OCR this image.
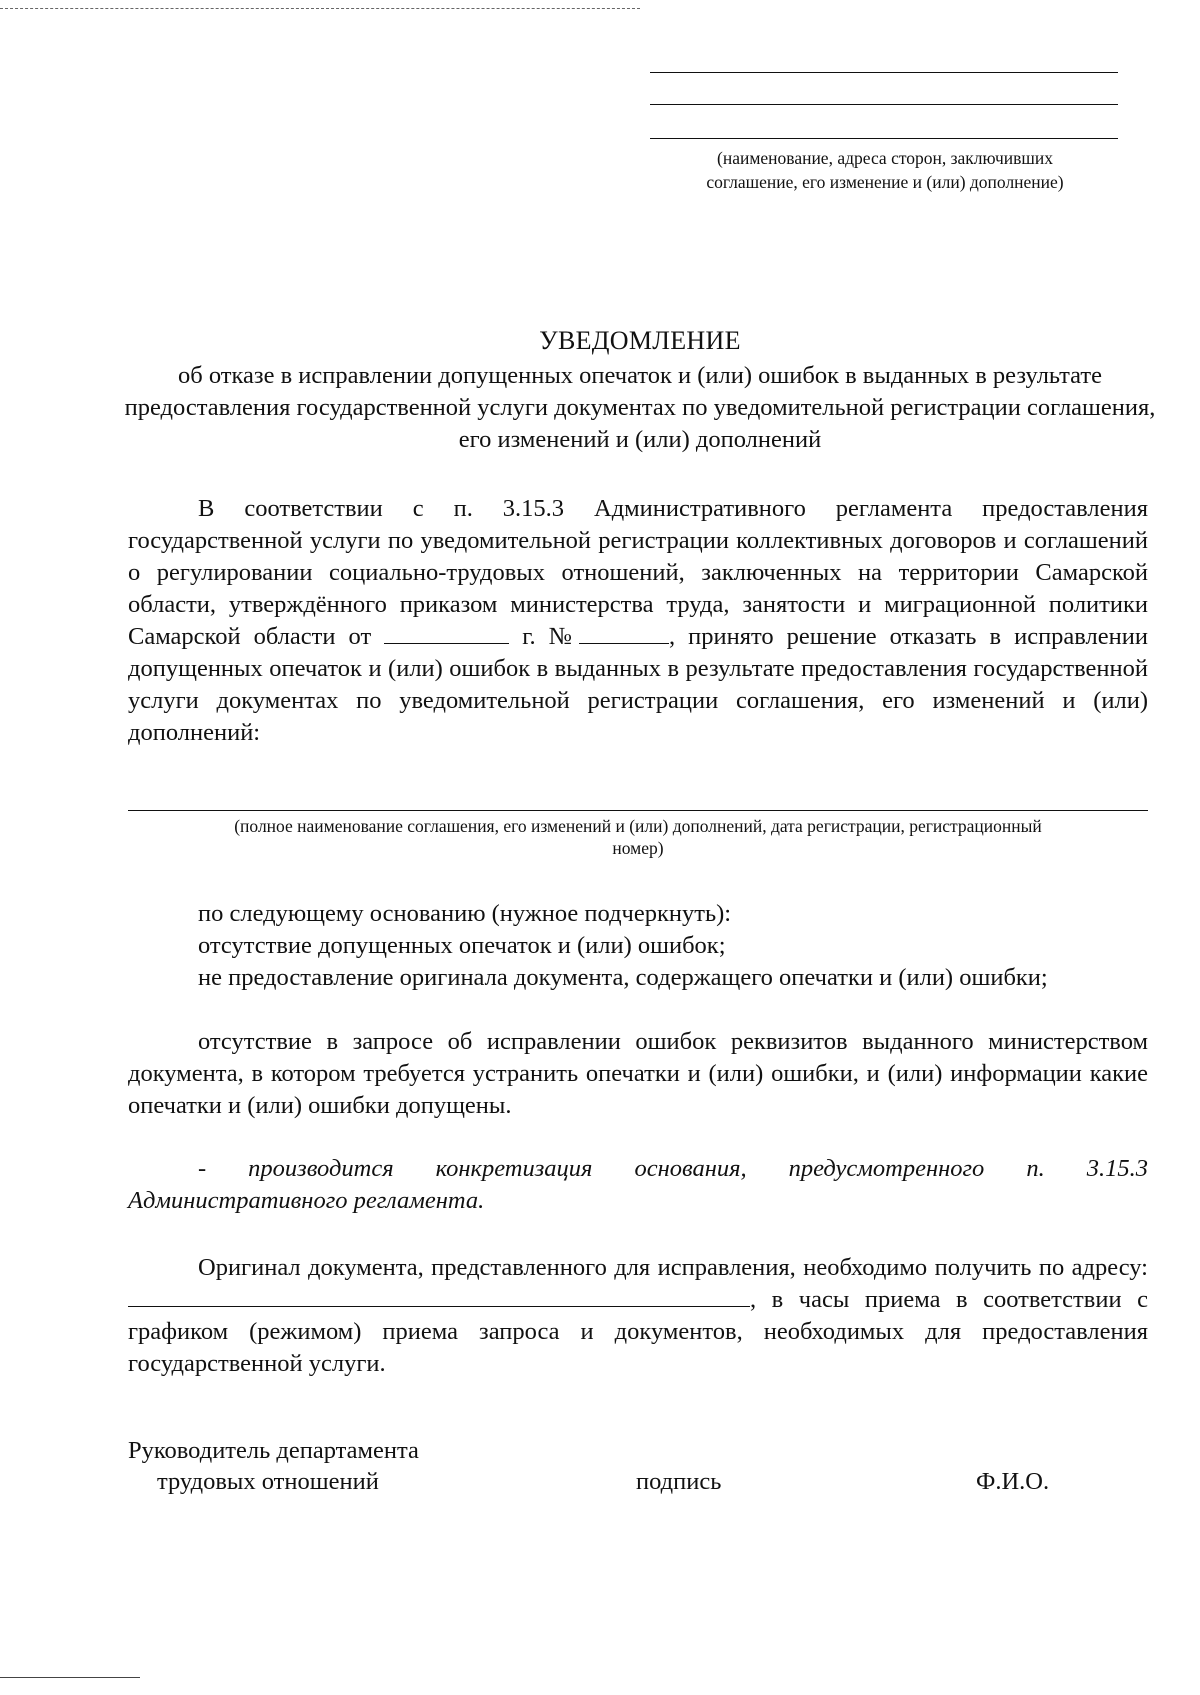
(наименование, адреса сторон, заключивших
соглашение, его изменение и (или) дополнение)
УВЕДОМЛЕНИЕ
об отказе в исправлении допущенных опечаток и (или) ошибок в выданных в результате предоставления государственной услуги документах по уведомительной регистрации соглашения, его изменений и (или) дополнений
В соответствии с п. 3.15.3 Административного регламента предоставления государственной услуги по уведомительной регистрации коллективных договоров и соглашений о регулировании социально-трудовых отношений, заключенных на территории Самарской области, утверждённого приказом министерства труда, занятости и миграционной политики Самарской области от	г. №	, принято решение отказать в исправлении допущенных опечаток и (или) ошибок в выданных в результате предоставления государственной услуги документах по уведомительной регистрации соглашения, его изменений и (или) дополнений:
(полное наименование соглашения, его изменений и (или) дополнений, дата регистрации, регистрационный
номер)
по следующему основанию (нужное подчеркнуть):
отсутствие допущенных опечаток и (или) ошибок;
не предоставление оригинала документа, содержащего опечатки и (или) ошибки;
отсутствие в запросе об исправлении ошибок реквизитов выданного министерством документа, в котором требуется устранить опечатки и (или) ошибки, и (или) информации какие опечатки и (или) ошибки допущены.
- производится конкретизация основания, предусмотренного п. 3.15.3 Административного регламента.
Оригинал документа, представленного для исправления, необходимо получить по адресу: , в часы приема в соответствии с графиком (режимом) приема запроса и документов, необходимых для предоставления государственной услуги.
Руководитель департамента
трудовых отношений	подпись	Ф.И.О.
